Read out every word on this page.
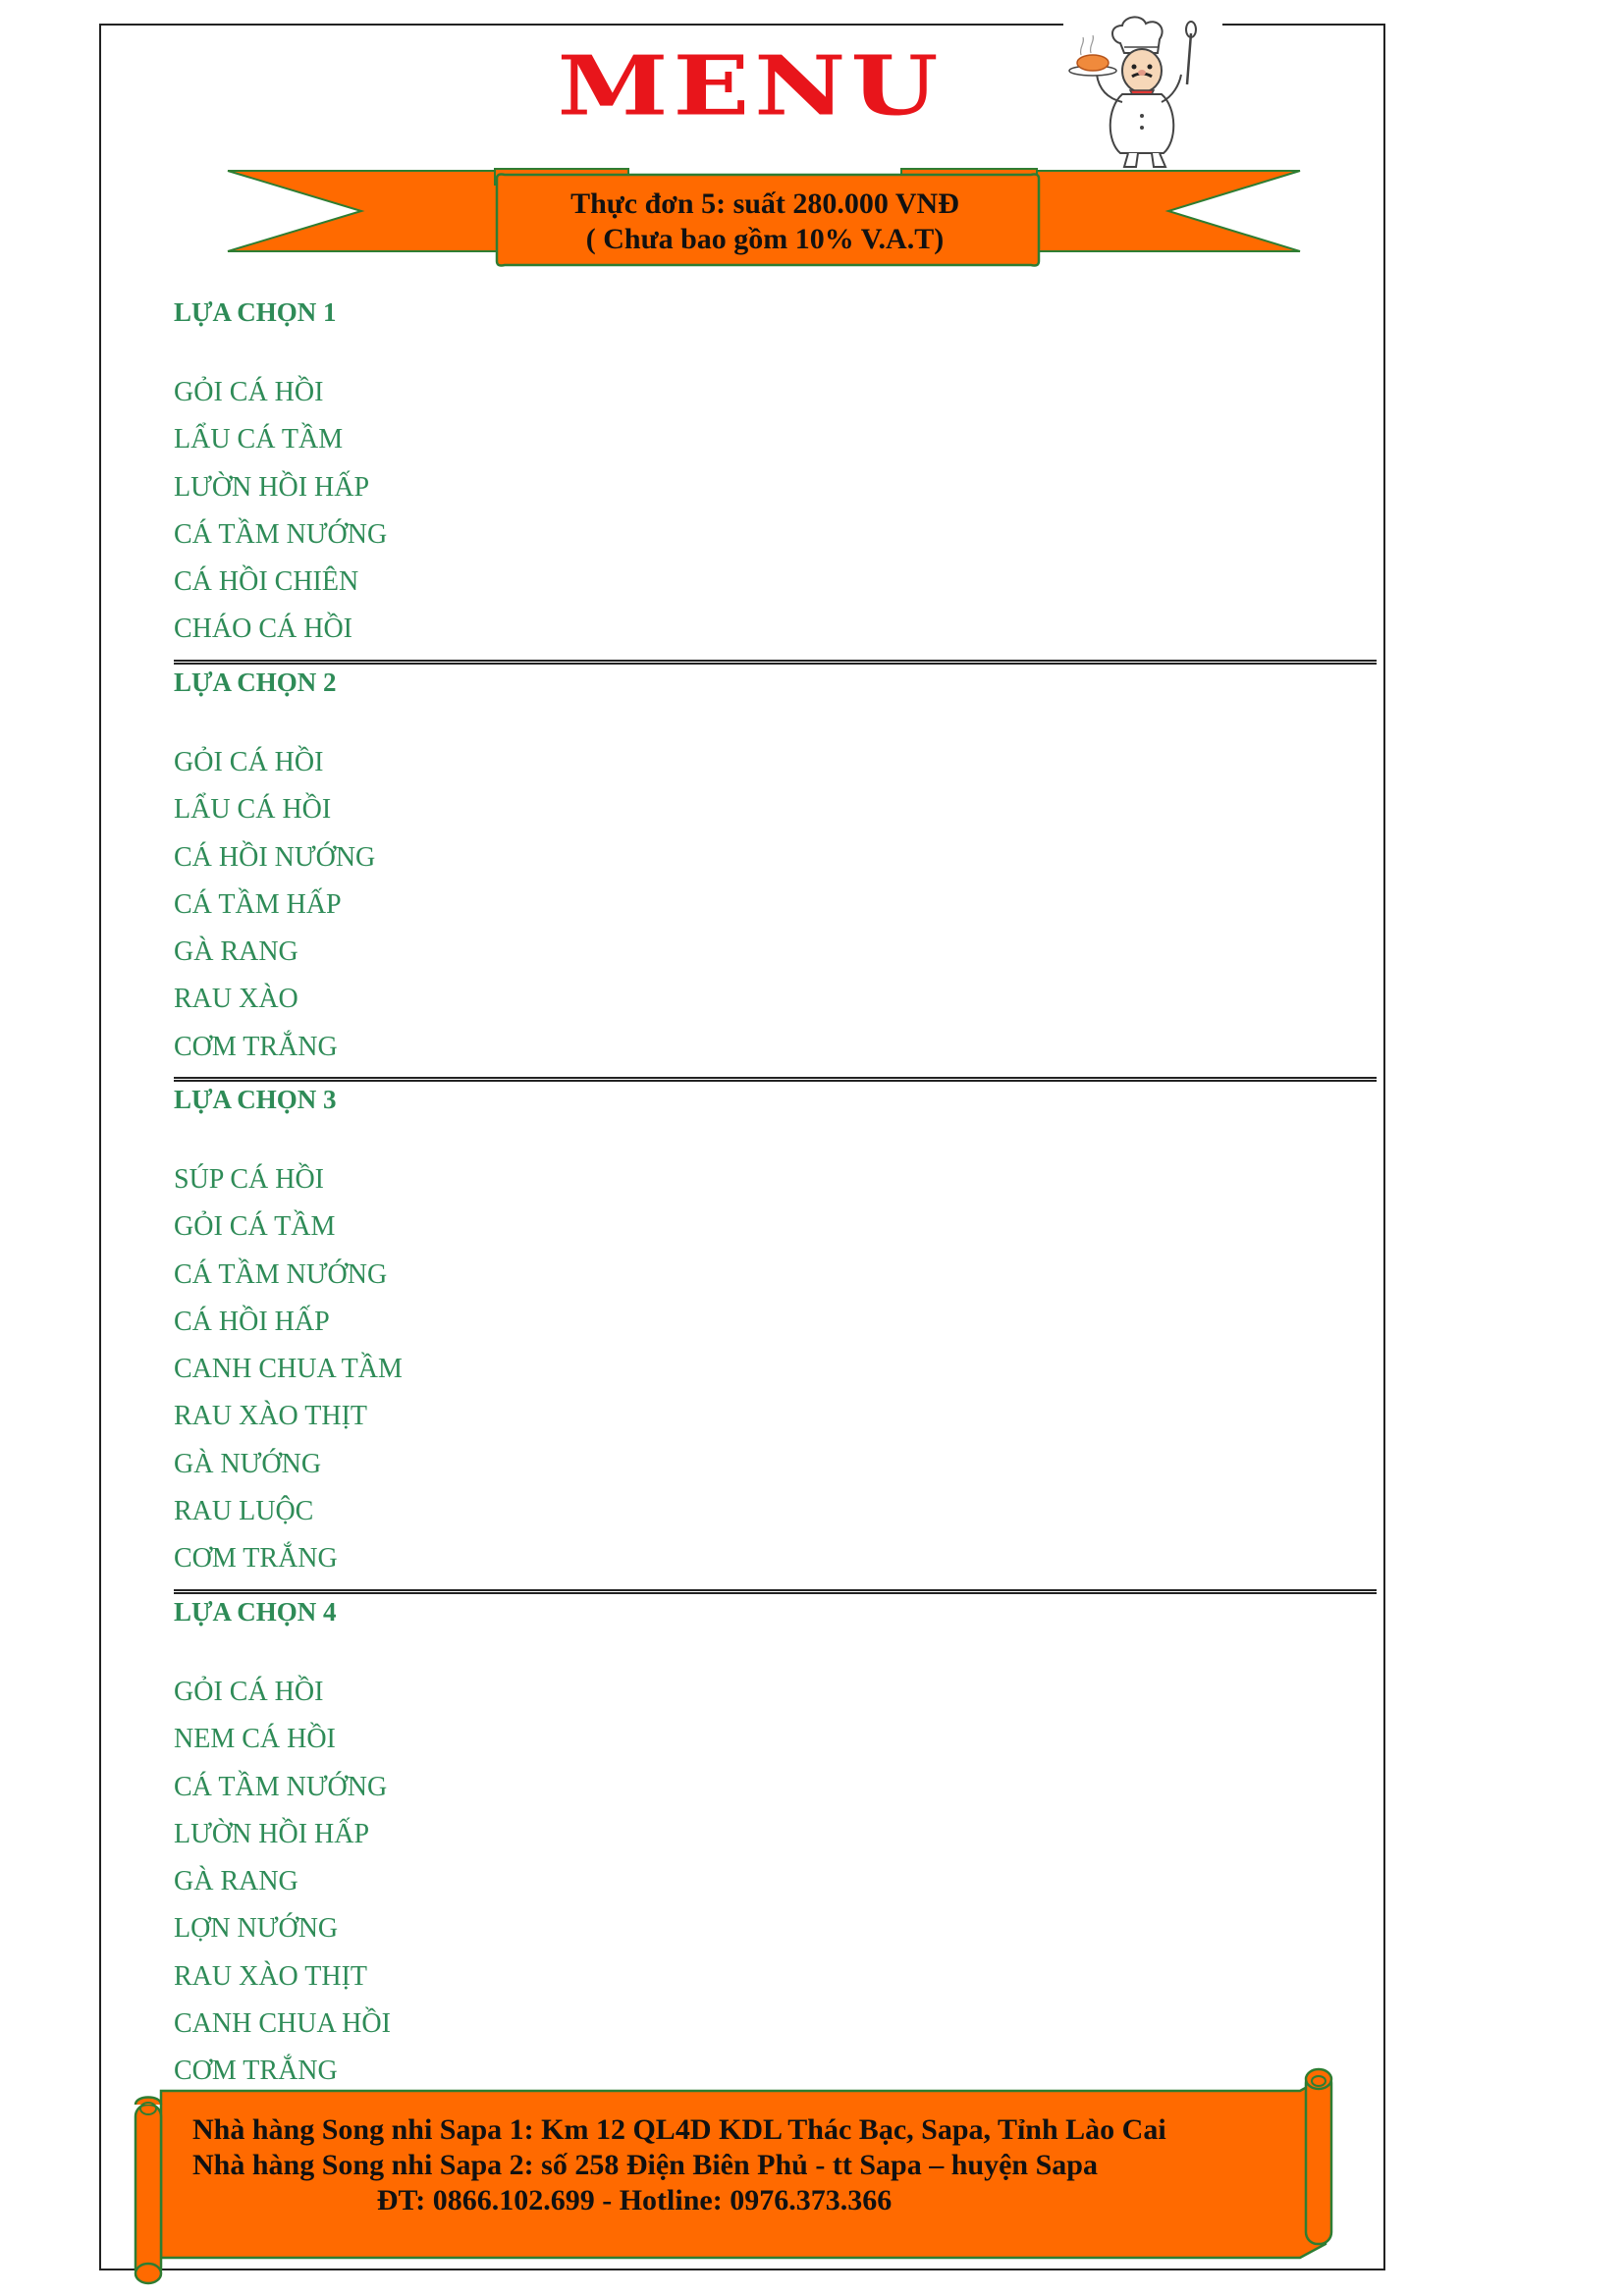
MENU
Thực đơn 5: suất 280.000 VNĐ
( Chưa bao gồm 10% V.A.T)
LỰA CHỌN 1
GỎI CÁ HỒI
LẨU CÁ TẦM
LƯỜN HỒI HẤP
CÁ TẦM NƯỚNG
CÁ HỒI CHIÊN
CHÁO CÁ HỒI
LỰA CHỌN 2
GỎI CÁ HỒI
LẨU CÁ HỒI
CÁ HỒI NƯỚNG
CÁ TẦM HẤP
GÀ RANG
RAU XÀO
CƠM TRẮNG
LỰA CHỌN 3
SÚP CÁ HỒI
GỎI CÁ TẦM
CÁ TẦM NƯỚNG
CÁ HỒI HẤP
CANH CHUA TẦM
RAU XÀO THỊT
GÀ NƯỚNG
RAU LUỘC
CƠM TRẮNG
LỰA CHỌN 4
GỎI CÁ HỒI
NEM CÁ HỒI
CÁ TẦM NƯỚNG
LƯỜN HỒI HẤP
GÀ RANG
LỢN NƯỚNG
RAU XÀO THỊT
CANH CHUA HỒI
CƠM TRẮNG
Nhà hàng Song nhi Sapa 1: Km 12 QL4D KDL Thác Bạc, Sapa, Tỉnh Lào Cai
Nhà hàng Song nhi Sapa 2: số 258 Điện Biên Phủ - tt Sapa – huyện Sapa
ĐT: 0866.102.699 - Hotline: 0976.373.366
